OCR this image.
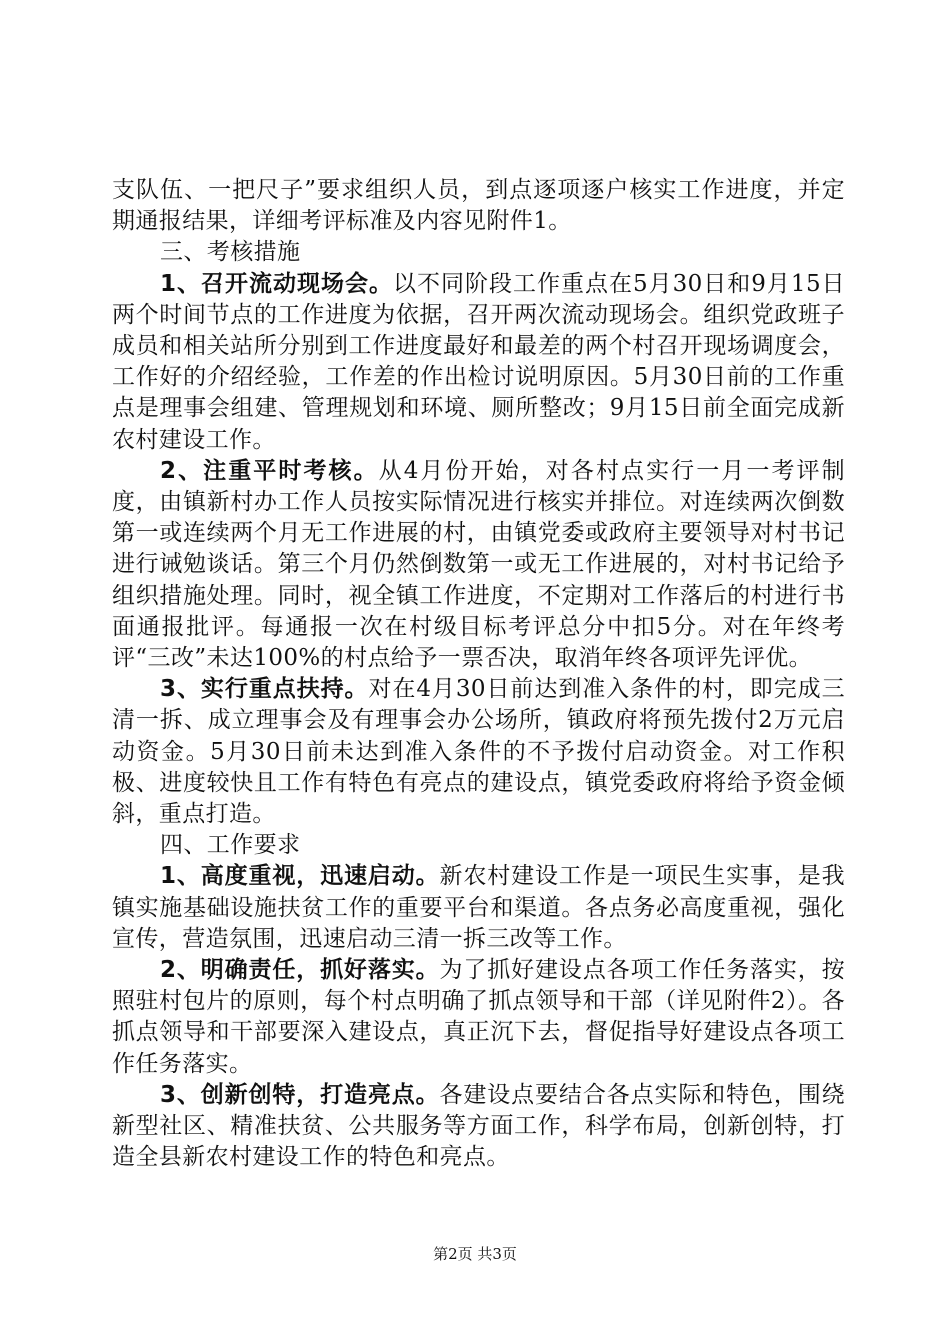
支队伍、一把尺子”要求组织人员，到点逐项逐户核实工作进度，并定期通报结果，详细考评标准及内容见附件1。

三、考核措施

1、召开流动现场会。以不同阶段工作重点在5月30日和9月15日两个时间节点的工作进度为依据，召开两次流动现场会。组织党政班子成员和相关站所分别到工作进度最好和最差的两个村召开现场调度会，工作好的介绍经验，工作差的作出检讨说明原因。5月30日前的工作重点是理事会组建、管理规划和环境、厕所整改；9月15日前全面完成新农村建设工作。

2、注重平时考核。从4月份开始，对各村点实行一月一考评制度，由镇新村办工作人员按实际情况进行核实并排位。对连续两次倒数第一或连续两个月无工作进展的村，由镇党委或政府主要领导对村书记进行诫勉谈话。第三个月仍然倒数第一或无工作进展的，对村书记给予组织措施处理。同时，视全镇工作进度，不定期对工作落后的村进行书面通报批评。每通报一次在村级目标考评总分中扣5分。对在年终考评“三改”未达100%的村点给予一票否决，取消年终各项评先评优。

3、实行重点扶持。对在4月30日前达到准入条件的村，即完成三清一拆、成立理事会及有理事会办公场所，镇政府将预先拨付2万元启动资金。5月30日前未达到准入条件的不予拨付启动资金。对工作积极、进度较快且工作有特色有亮点的建设点，镇党委政府将给予资金倾斜，重点打造。

四、工作要求

1、高度重视，迅速启动。新农村建设工作是一项民生实事，是我镇实施基础设施扶贫工作的重要平台和渠道。各点务必高度重视，强化宣传，营造氛围，迅速启动三清一拆三改等工作。

2、明确责任，抓好落实。为了抓好建设点各项工作任务落实，按照驻村包片的原则，每个村点明确了抓点领导和干部（详见附件2）。各抓点领导和干部要深入建设点，真正沉下去，督促指导好建设点各项工作任务落实。

3、创新创特，打造亮点。各建设点要结合各点实际和特色，围绕新型社区、精准扶贫、公共服务等方面工作，科学布局，创新创特，打造全县新农村建设工作的特色和亮点。

第2页 共3页
